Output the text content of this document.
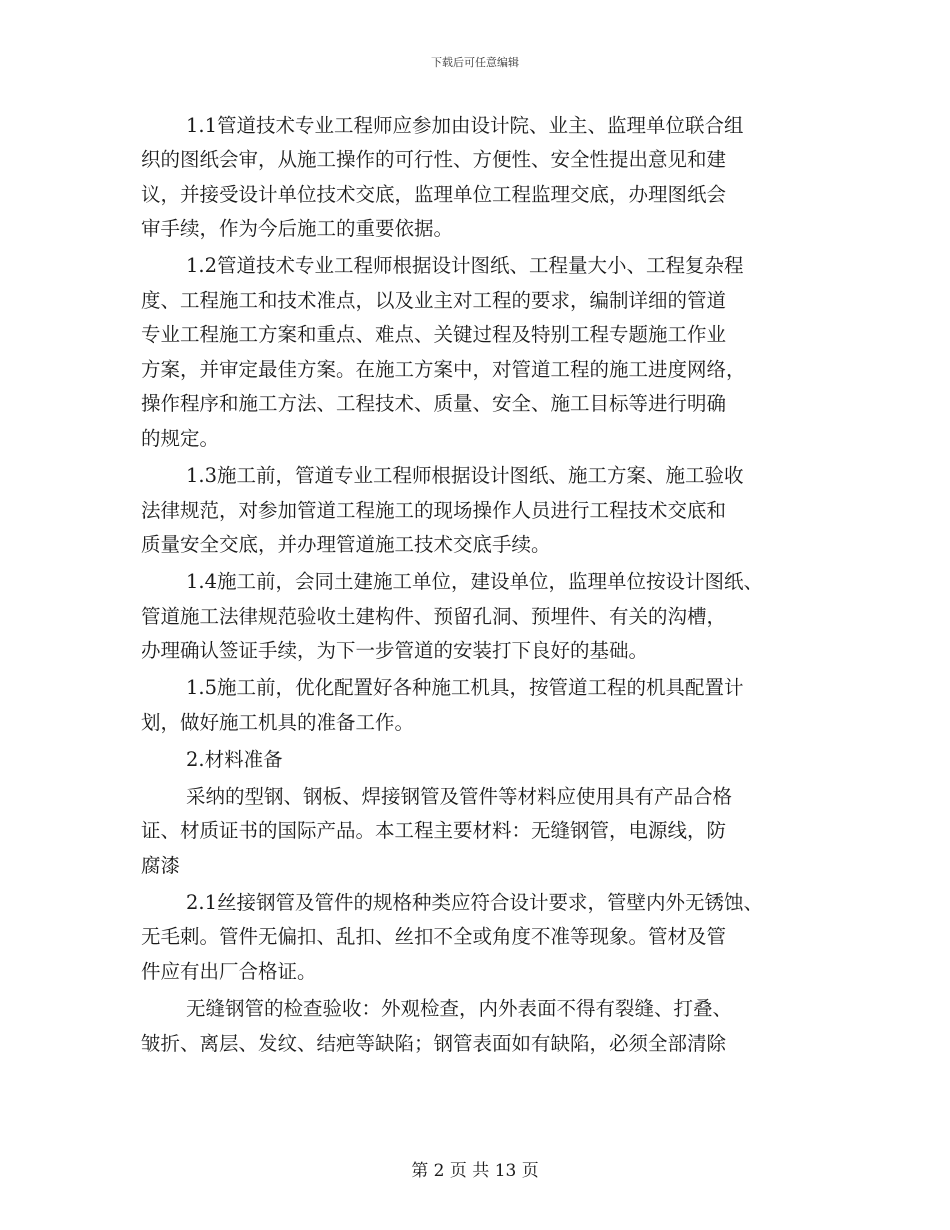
下载后可任意编辑
1.1管道技术专业工程师应参加由设计院、业主、监理单位联合组
织的图纸会审，从施工操作的可行性、方便性、安全性提出意见和建
议，并接受设计单位技术交底，监理单位工程监理交底，办理图纸会
审手续，作为今后施工的重要依据。
1.2管道技术专业工程师根据设计图纸、工程量大小、工程复杂程
度、工程施工和技术准点，以及业主对工程的要求，编制详细的管道
专业工程施工方案和重点、难点、关键过程及特别工程专题施工作业
方案，并审定最佳方案。在施工方案中，对管道工程的施工进度网络，
操作程序和施工方法、工程技术、质量、安全、施工目标等进行明确
的规定。
1.3施工前，管道专业工程师根据设计图纸、施工方案、施工验收
法律规范，对参加管道工程施工的现场操作人员进行工程技术交底和
质量安全交底，并办理管道施工技术交底手续。
1.4施工前，会同土建施工单位，建设单位，监理单位按设计图纸、
管道施工法律规范验收土建构件、预留孔洞、预埋件、有关的沟槽，
办理确认签证手续，为下一步管道的安装打下良好的基础。
1.5施工前，优化配置好各种施工机具，按管道工程的机具配置计
划，做好施工机具的准备工作。
2.材料准备
采纳的型钢、钢板、焊接钢管及管件等材料应使用具有产品合格
证、材质证书的国际产品。本工程主要材料：无缝钢管，电源线，防
腐漆
2.1丝接钢管及管件的规格种类应符合设计要求，管壁内外无锈蚀、
无毛刺。管件无偏扣、乱扣、丝扣不全或角度不准等现象。管材及管
件应有出厂合格证。
无缝钢管的检查验收：外观检查，内外表面不得有裂缝、打叠、
皱折、离层、发纹、结疤等缺陷；钢管表面如有缺陷，必须全部清除
第 2 页 共 13 页
